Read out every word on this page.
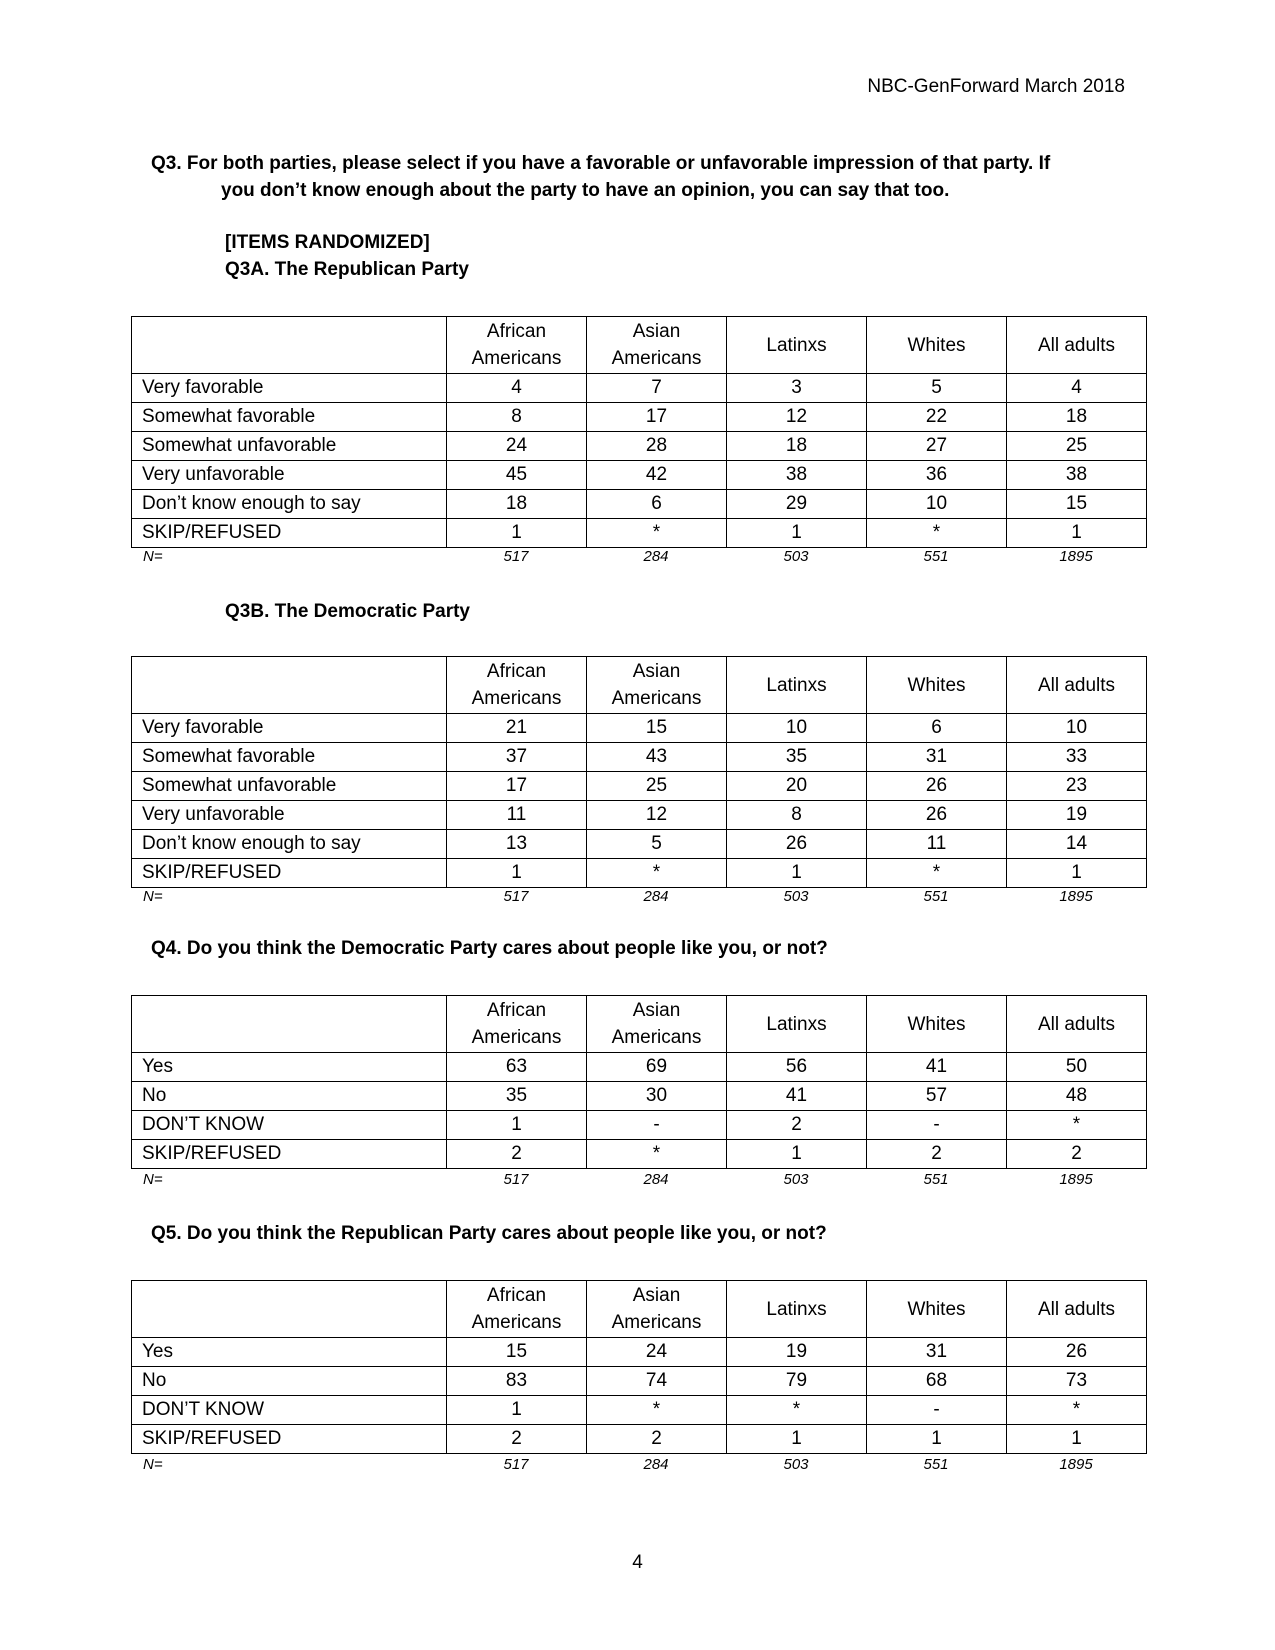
NBC-GenForward March 2018
Q3. For both parties, please select if you have a favorable or unfavorable impression of that party. If
you don’t know enough about the party to have an opinion, you can say that too.
[ITEMS RANDOMIZED]
Q3A. The Republican Party
	African Americans	Asian Americans	Latinxs	Whites	All adults
Very favorable	4	7	3	5	4
Somewhat favorable	8	17	12	22	18
Somewhat unfavorable	24	28	18	27	25
Very unfavorable	45	42	38	36	38
Don’t know enough to say	18	6	29	10	15
SKIP/REFUSED	1	*	1	*	1
N=	517	284	503	551	1895
Q3B. The Democratic Party
	African Americans	Asian Americans	Latinxs	Whites	All adults
Very favorable	21	15	10	6	10
Somewhat favorable	37	43	35	31	33
Somewhat unfavorable	17	25	20	26	23
Very unfavorable	11	12	8	26	19
Don’t know enough to say	13	5	26	11	14
SKIP/REFUSED	1	*	1	*	1
N=	517	284	503	551	1895
Q4. Do you think the Democratic Party cares about people like you, or not?
	African Americans	Asian Americans	Latinxs	Whites	All adults
Yes	63	69	56	41	50
No	35	30	41	57	48
DON’T KNOW	1	-	2	-	*
SKIP/REFUSED	2	*	1	2	2
N=	517	284	503	551	1895
Q5. Do you think the Republican Party cares about people like you, or not?
	African Americans	Asian Americans	Latinxs	Whites	All adults
Yes	15	24	19	31	26
No	83	74	79	68	73
DON’T KNOW	1	*	*	-	*
SKIP/REFUSED	2	2	1	1	1
N=	517	284	503	551	1895
4
